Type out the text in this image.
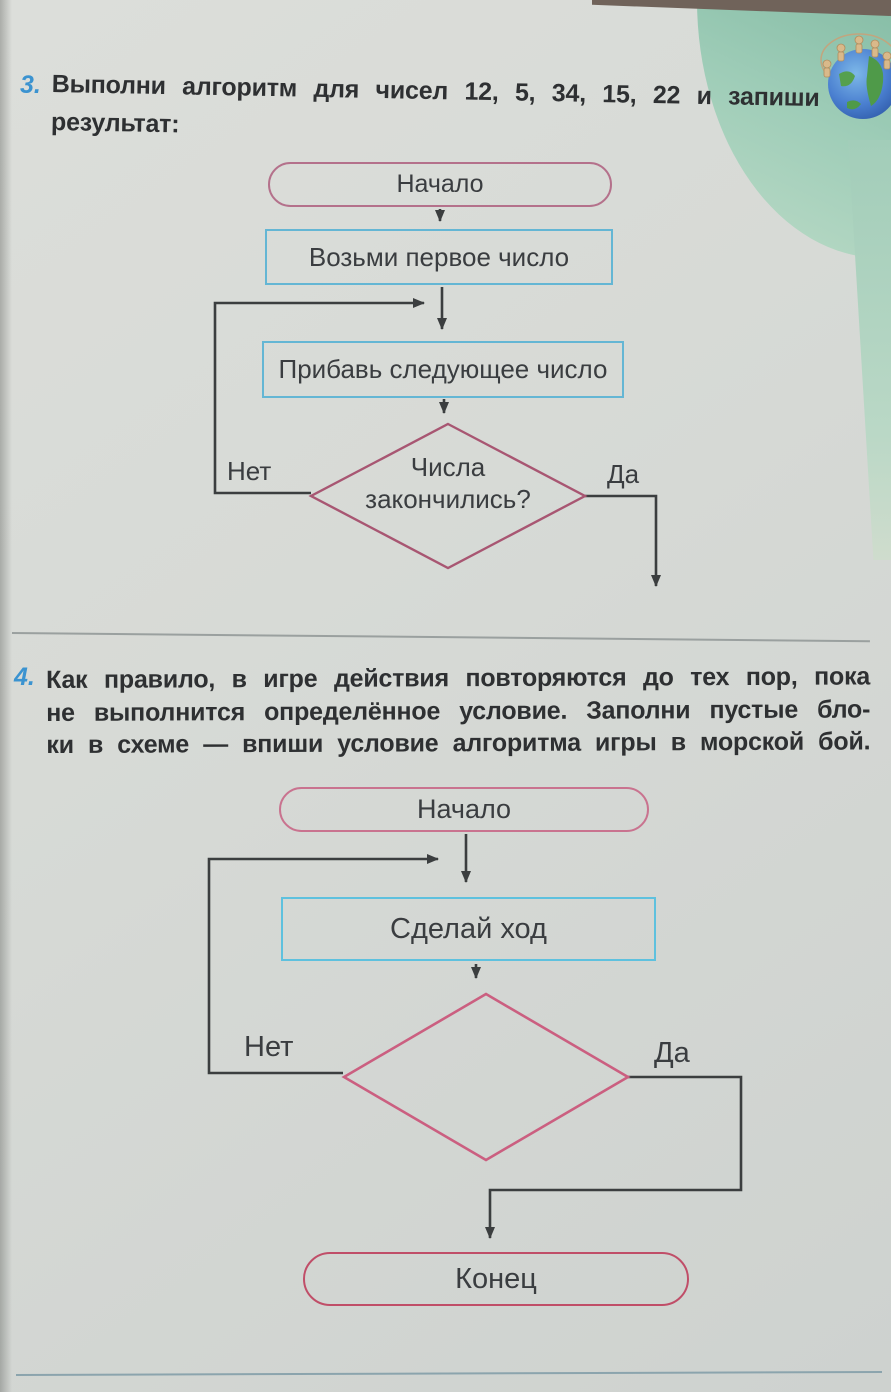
3. Выполни алгоритм для чисел 12, 5, 34, 15, 22 и запиши
результат:
Начало
Возьми первое число
Прибавь следующее число
Числа
закончились?
Нет	Да
4. Как правило, в игре действия повторяются до тех пор, пока
не выполнится определённое условие. Заполни пустые бло-
ки в схеме — впиши условие алгоритма игры в морской бой.
Начало
Сделай ход
Нет	Да
Конец
